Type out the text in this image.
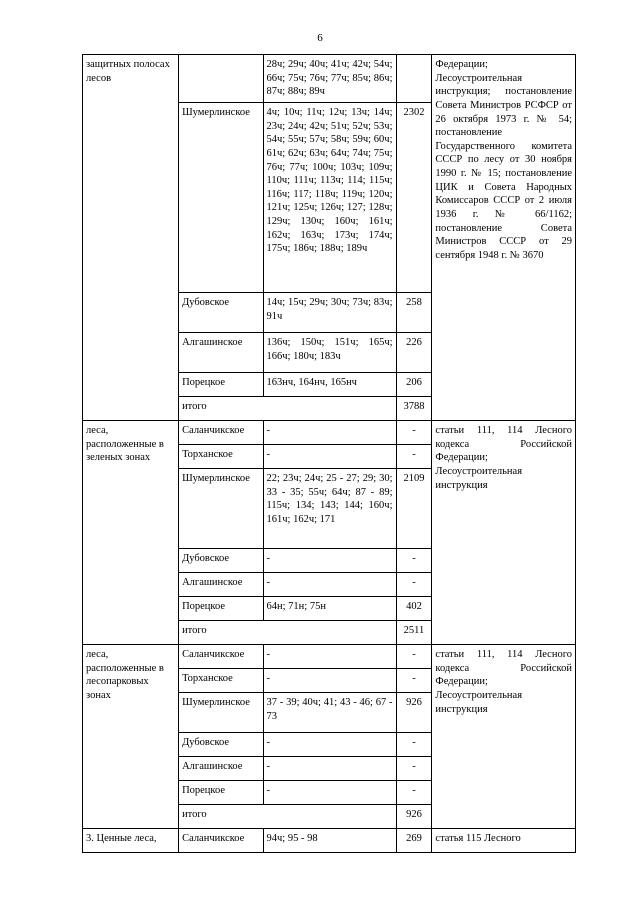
6
защитных полосах лесов		28ч; 29ч; 40ч; 41ч; 42ч; 54ч; 66ч; 75ч; 76ч; 77ч; 85ч; 86ч; 87ч; 88ч; 89ч		Федерации; Лесоустроительная инструкция; постановление Совета Министров РСФСР от 26 октября 1973 г. № 54; постановление Государственного комитета СССР по лесу от 30 ноября 1990 г. № 15; постановление ЦИК и Совета Народных Комиссаров СССР от 2 июля 1936 г. № 66/1162; постановление Совета Министров СССР от 29 сентября 1948 г. № 3670
	Шумерлинское	4ч; 10ч; 11ч; 12ч; 13ч; 14ч; 23ч; 24ч; 42ч; 51ч; 52ч; 53ч; 54ч; 55ч; 57ч; 58ч; 59ч; 60ч; 61ч; 62ч; 63ч; 64ч; 74ч; 75ч; 76ч; 77ч; 100ч; 103ч; 109ч; 110ч; 111ч; 113ч; 114; 115ч; 116ч; 117; 118ч; 119ч; 120ч; 121ч; 125ч; 126ч; 127; 128ч; 129ч; 130ч; 160ч; 161ч; 162ч; 163ч; 173ч; 174ч; 175ч; 186ч; 188ч; 189ч	2302	
	Дубовское	14ч; 15ч; 29ч; 30ч; 73ч; 83ч; 91ч	258	
	Алгашинское	136ч; 150ч; 151ч; 165ч; 166ч; 180ч; 183ч	226	
	Порецкое	163нч, 164нч, 165нч	206	
	итого		3788	
леса, расположенные в зеленых зонах	Саланчикское	-	-	статьи 111, 114 Лесного кодекса Российской Федерации; Лесоустроительная инструкция
	Торханское	-	-	
	Шумерлинское	22; 23ч; 24ч; 25 - 27; 29; 30; 33 - 35; 55ч; 64ч; 87 - 89; 115ч; 134; 143; 144; 160ч; 161ч; 162ч; 171	2109	
	Дубовское	-	-	
	Алгашинское	-	-	
	Порецкое	64н; 71н; 75н	402	
	итого		2511	
леса, расположенные в лесопарковых зонах	Саланчикское	-	-	статьи 111, 114 Лесного кодекса Российской Федерации; Лесоустроительная инструкция
	Торханское	-	-	
	Шумерлинское	37 - 39; 40ч; 41; 43 - 46; 67 - 73	926	
	Дубовское	-	-	
	Алгашинское	-	-	
	Порецкое	-	-	
	итого		926	
3. Ценные леса,	Саланчикское	94ч; 95 - 98	269	статья 115 Лесного
